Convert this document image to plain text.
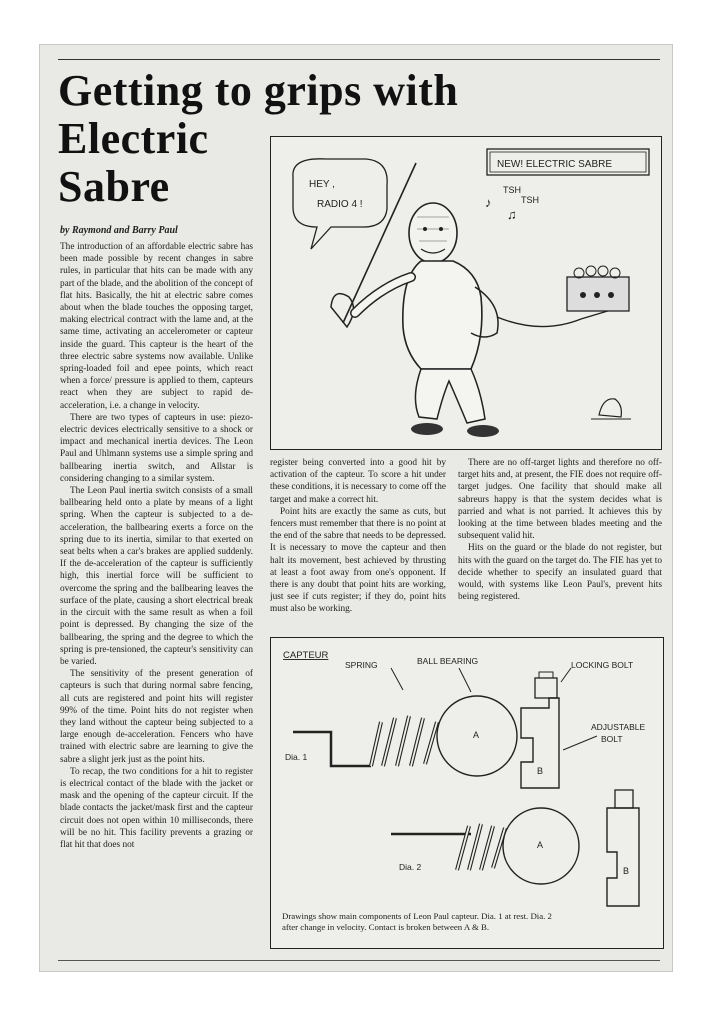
Getting to grips with
Electric
Sabre

by Raymond and Barry Paul

The introduction of an affordable electric sabre has been made possible by recent changes in sabre rules, in particular that hits can be made with any part of the blade, and the abolition of the concept of flat hits. Basically, the hit at electric sabre comes about when the blade touches the opposing target, making electrical contract with the lame and, at the same time, activating an accelerometer or capteur inside the guard. This capteur is the heart of the three electric sabre systems now available. Unlike spring-loaded foil and epee points, which react when a force/ pressure is applied to them, capteurs react when they are subject to rapid de-acceleration, i.e. a change in velocity.

There are two types of capteurs in use: piezo-electric devices electrically sensitive to a shock or impact and mechanical inertia devices. The Leon Paul and Uhlmann systems use a simple spring and ballbearing inertia switch, and Allstar is considering changing to a similar system.

The Leon Paul inertia switch consists of a small ballbearing held onto a plate by means of a light spring. When the capteur is subjected to a de-acceleration, the ballbearing exerts a force on the spring due to its inertia, similar to that exerted on seat belts when a car's brakes are applied suddenly. If the de-acceleration of the capteur is sufficiently high, this inertial force will be sufficient to overcome the spring and the ballbearing leaves the surface of the plate, causing a short electrical break in the circuit with the same result as when a foil point is depressed. By changing the size of the ballbearing, the spring and the degree to which the spring is pre-tensioned, the capteur's sensitivity can be varied.

The sensitivity of the present generation of capteurs is such that during normal sabre fencing, all cuts are registered and point hits will register 99% of the time. Point hits do not register when they land without the capteur being subjected to a large enough de-acceleration. Fencers who have trained with electric sabre are learning to give the sabre a slight jerk just as the point hits.

To recap, the two conditions for a hit to register is electrical contact of the blade with the jacket or mask and the opening of the capteur circuit. If the blade contacts the jacket/mask first and the capteur circuit does not open within 10 milliseconds, there will be no hit. This facility prevents a grazing or flat hit that does not

HEY ,
RADIO 4 !
NEW! ELECTRIC SABRE
TSH
TSH
♪
♫

register being converted into a good hit by activation of the capteur. To score a hit under these conditions, it is necessary to come off the target and make a correct hit.

Point hits are exactly the same as cuts, but fencers must remember that there is no point at the end of the sabre that needs to be depressed. It is necessary to move the capteur and then halt its movement, best achieved by thrusting at least a foot away from one's opponent. If there is any doubt that point hits are working, just see if cuts register; if they do, point hits must also be working.

There are no off-target lights and therefore no off-target hits and, at present, the FIE does not require off-target judges. One facility that should make all sabreurs happy is that the system decides what is parried and what is not parried. It achieves this by looking at the time between blades meeting and the subsequent valid hit.

Hits on the guard or the blade do not register, but hits with the guard on the target do. The FIE has yet to decide whether to specify an insulated guard that would, with systems like Leon Paul's, prevent hits being registered.

CAPTEUR
SPRING	BALL BEARING	LOCKING BOLT
ADJUSTABLE
BOLT
A
B
Dia. 1
A
B
Dia. 2

Drawings show main components of Leon Paul capteur. Dia. 1 at rest. Dia. 2 after change in velocity. Contact is broken between A & B.
